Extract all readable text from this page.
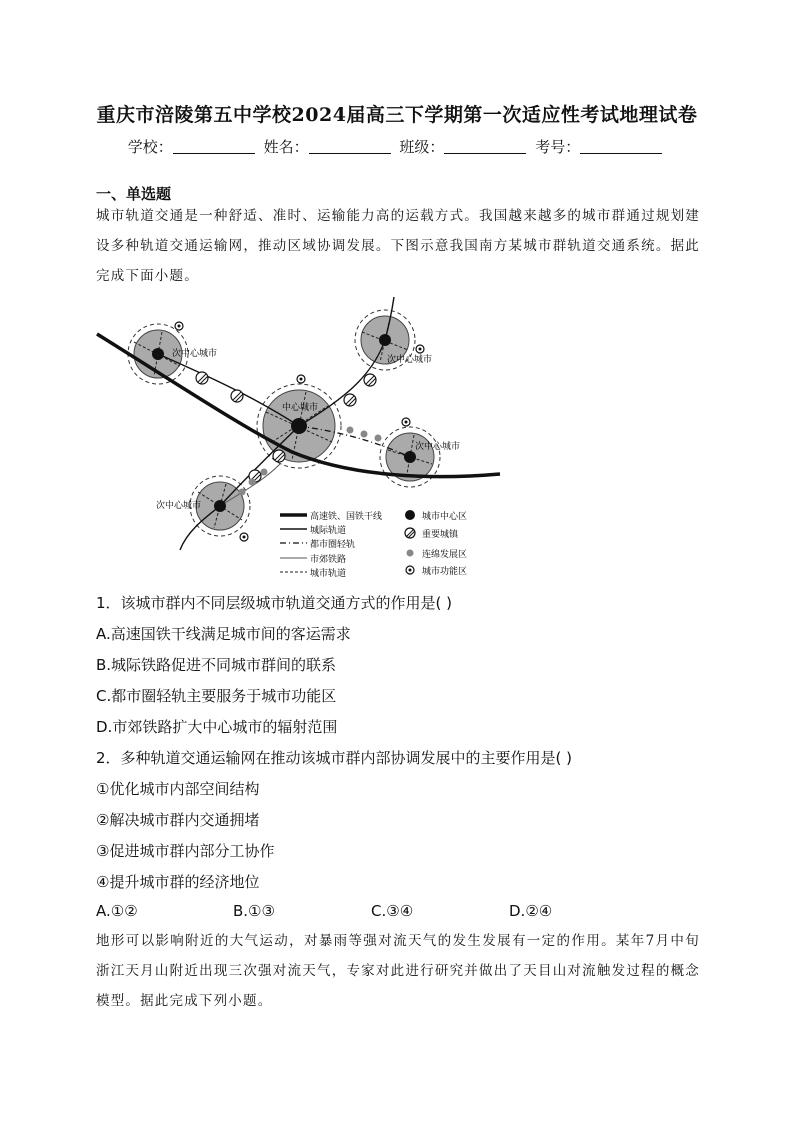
重庆市涪陵第五中学校2024届高三下学期第一次适应性考试地理试卷
学校：	姓名：	班级：	考号：
一、单选题
城市轨道交通是一种舒适、准时、运输能力高的运载方式。我国越来越多的城市群通过规划建设多种轨道交通运输网，推动区域协调发展。下图示意我国南方某城市群轨道交通系统。据此完成下面小题。
次中心城市
次中心城市
中心城市
次中心城市
次中心城市
高速铁、国铁干线
城际轨道
都市圈轻轨
市郊铁路
城市轨道
城市中心区
重要城镇
连绵发展区
城市功能区
1．该城市群内不同层级城市轨道交通方式的作用是( )
A.高速国铁干线满足城市间的客运需求
B.城际铁路促进不同城市群间的联系
C.都市圈轻轨主要服务于城市功能区
D.市郊铁路扩大中心城市的辐射范围
2．多种轨道交通运输网在推动该城市群内部协调发展中的主要作用是( )
①优化城市内部空间结构
②解决城市群内交通拥堵
③促进城市群内部分工协作
④提升城市群的经济地位
A.①②	B.①③	C.③④	D.②④
地形可以影响附近的大气运动，对暴雨等强对流天气的发生发展有一定的作用。某年7月中旬浙江天月山附近出现三次强对流天气，专家对此进行研究并做出了天目山对流触发过程的概念模型。据此完成下列小题。
